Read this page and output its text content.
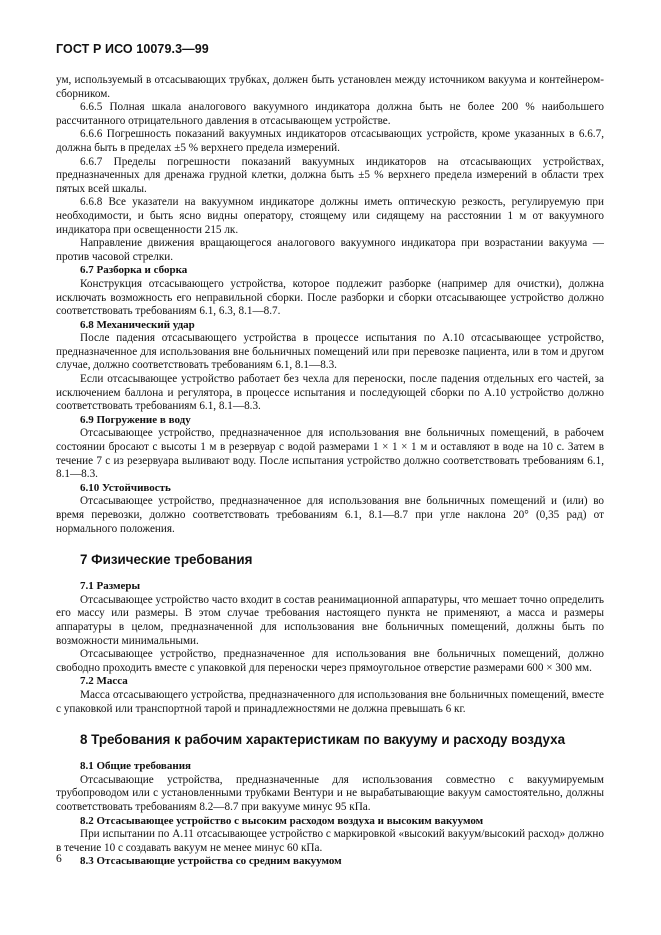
ГОСТ Р ИСО 10079.3—99

ум, используемый в отсасывающих трубках, должен быть установлен между источником вакуума и контейнером-сборником.

6.6.5 Полная шкала аналогового вакуумного индикатора должна быть не более 200 % наибольшего рассчитанного отрицательного давления в отсасывающем устройстве.

6.6.6 Погрешность показаний вакуумных индикаторов отсасывающих устройств, кроме указанных в 6.6.7, должна быть в пределах ±5 % верхнего предела измерений.

6.6.7 Пределы погрешности показаний вакуумных индикаторов на отсасывающих устройствах, предназначенных для дренажа грудной клетки, должна быть ±5 % верхнего предела измерений в области трех пятых всей шкалы.

6.6.8 Все указатели на вакуумном индикаторе должны иметь оптическую резкость, регулируемую при необходимости, и быть ясно видны оператору, стоящему или сидящему на расстоянии 1 м от вакуумного индикатора при освещенности 215 лк.

Направление движения вращающегося аналогового вакуумного индикатора при возрастании вакуума — против часовой стрелки.

6.7 Разборка и сборка

Конструкция отсасывающего устройства, которое подлежит разборке (например для очистки), должна исключать возможность его неправильной сборки. После разборки и сборки отсасывающее устройство должно соответствовать требованиям 6.1, 6.3, 8.1—8.7.

6.8 Механический удар

После падения отсасывающего устройства в процессе испытания по А.10 отсасывающее устройство, предназначенное для использования вне больничных помещений или при перевозке пациента, или в том и другом случае, должно соответствовать требованиям 6.1, 8.1—8.3.

Если отсасывающее устройство работает без чехла для переноски, после падения отдельных его частей, за исключением баллона и регулятора, в процессе испытания и последующей сборки по А.10 устройство должно соответствовать требованиям 6.1, 8.1—8.3.

6.9 Погружение в воду

Отсасывающее устройство, предназначенное для использования вне больничных помещений, в рабочем состоянии бросают с высоты 1 м в резервуар с водой размерами 1 × 1 × 1 м и оставляют в воде на 10 с. Затем в течение 7 с из резервуара выливают воду. После испытания устройство должно соответствовать требованиям 6.1, 8.1—8.3.

6.10 Устойчивость

Отсасывающее устройство, предназначенное для использования вне больничных помещений и (или) во время перевозки, должно соответствовать требованиям 6.1, 8.1—8.7 при угле наклона 20° (0,35 рад) от нормального положения.

7 Физические требования
7.1 Размеры

Отсасывающее устройство часто входит в состав реанимационной аппаратуры, что мешает точно определить его массу или размеры. В этом случае требования настоящего пункта не применяют, а масса и размеры аппаратуры в целом, предназначенной для использования вне больничных помещений, должны быть по возможности минимальными.

Отсасывающее устройство, предназначенное для использования вне больничных помещений, должно свободно проходить вместе с упаковкой для переноски через прямоугольное отверстие размерами 600 × 300 мм.

7.2 Масса

Масса отсасывающего устройства, предназначенного для использования вне больничных помещений, вместе с упаковкой или транспортной тарой и принадлежностями не должна превышать 6 кг.

8 Требования к рабочим характеристикам по вакууму и расходу воздуха
8.1 Общие требования

Отсасывающие устройства, предназначенные для использования совместно с вакуумируемым трубопроводом или с установленными трубками Вентури и не вырабатывающие вакуум самостоятельно, должны соответствовать требованиям 8.2—8.7 при вакууме минус 95 кПа.

8.2 Отсасывающее устройство с высоким расходом воздуха и высоким вакуумом

При испытании по А.11 отсасывающее устройство с маркировкой «высокий вакуум/высокий расход» должно в течение 10 с создавать вакуум не менее минус 60 кПа.

8.3 Отсасывающие устройства со средним вакуумом
6
